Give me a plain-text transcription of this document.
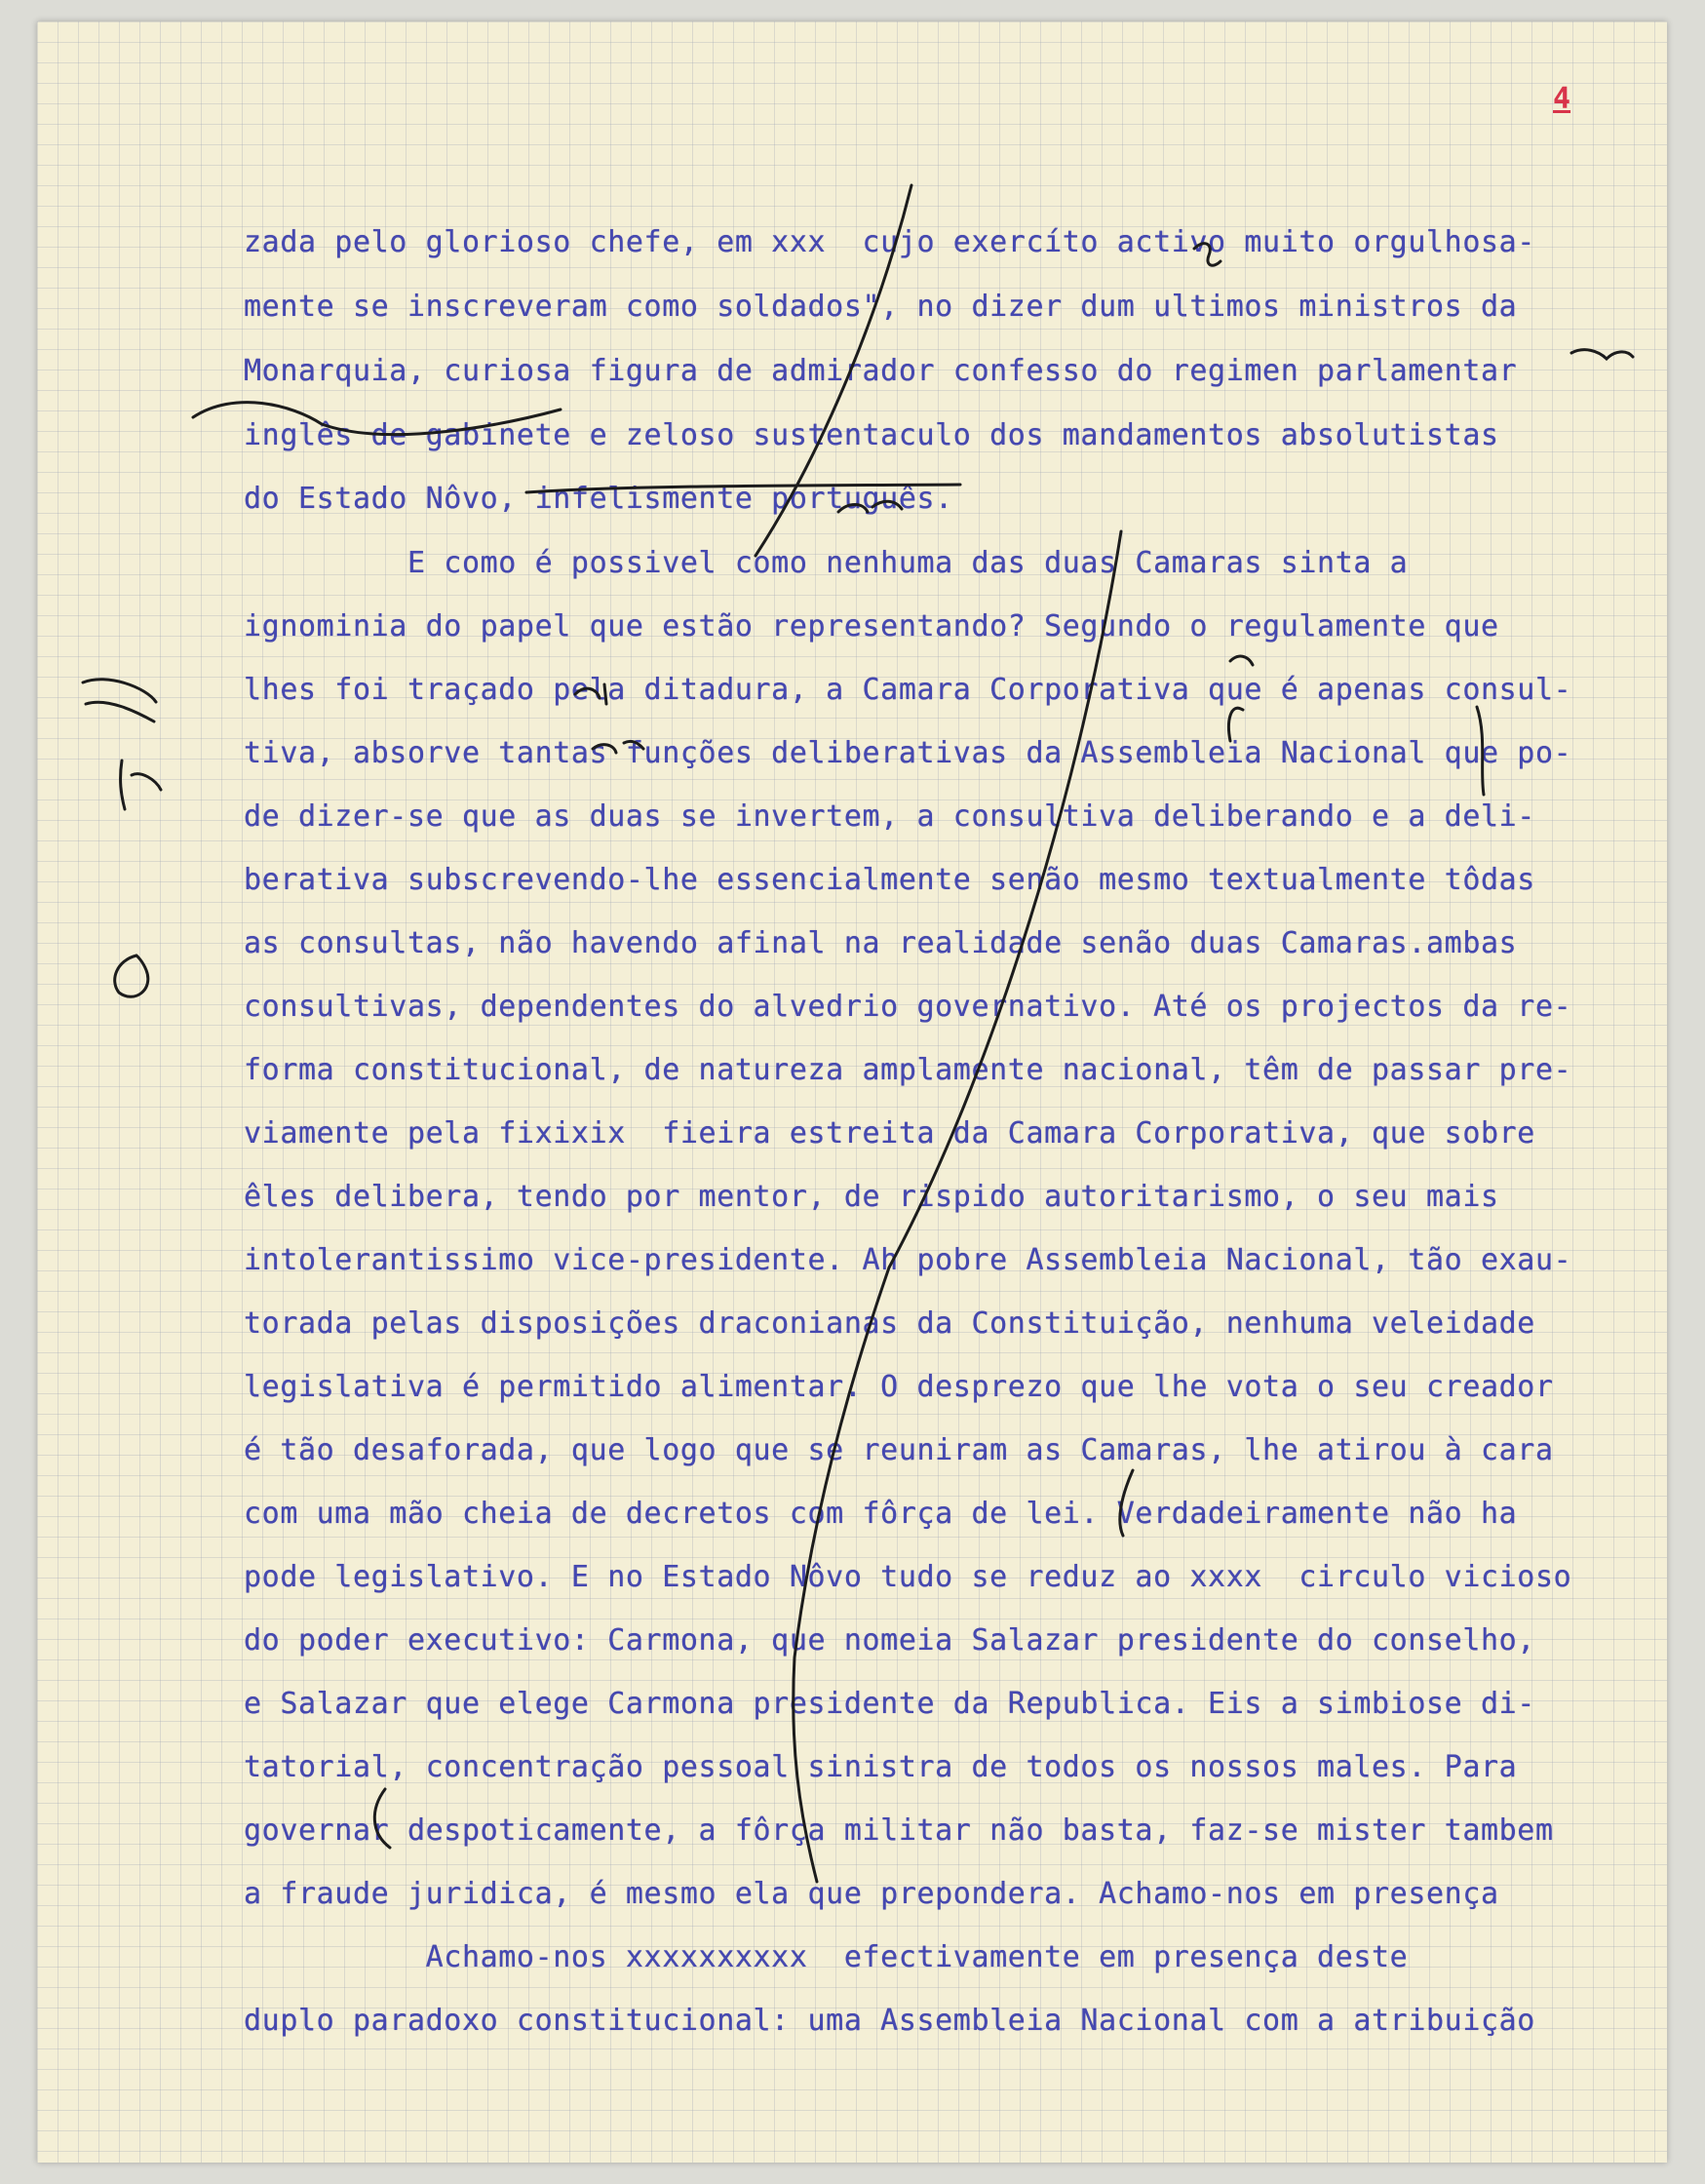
4
zada pelo glorioso chefe, em xxx  cujo exercíto activo muito orgulhosa-
mente se inscreveram como soldados", no dizer dum ultimos ministros da
Monarquia, curiosa figura de admirador confesso do regimen parlamentar
inglês de gabinete e zeloso sustentaculo dos mandamentos absolutistas
do Estado Nôvo, infelismente português.
E como é possivel como nenhuma das duas Camaras sinta a
ignominia do papel que estão representando? Segundo o regulamente que
lhes foi traçado pela ditadura, a Camara Corporativa que é apenas consul-
tiva, absorve tantas funções deliberativas da Assembleia Nacional que po-
de dizer-se que as duas se invertem, a consultiva deliberando e a deli-
berativa subscrevendo-lhe essencialmente senão mesmo textualmente tôdas
as consultas, não havendo afinal na realidade senão duas Camaras.ambas
consultivas, dependentes do alvedrio governativo. Até os projectos da re-
forma constitucional, de natureza amplamente nacional, têm de passar pre-
viamente pela fixixix  fieira estreita da Camara Corporativa, que sobre
êles delibera, tendo por mentor, de rispido autoritarismo, o seu mais
intolerantissimo vice-presidente. Ah pobre Assembleia Nacional, tão exau-
torada pelas disposições draconianas da Constituição, nenhuma veleidade
legislativa é permitido alimentar. O desprezo que lhe vota o seu creador
é tão desaforada, que logo que se reuniram as Camaras, lhe atirou à cara
com uma mão cheia de decretos com fôrça de lei. Verdadeiramente não ha
pode legislativo. E no Estado Nôvo tudo se reduz ao xxxx  circulo vicioso
do poder executivo: Carmona, que nomeia Salazar presidente do conselho,
e Salazar que elege Carmona presidente da Republica. Eis a simbiose di-
tatorial, concentração pessoal sinistra de todos os nossos males. Para
governar despoticamente, a fôrça militar não basta, faz-se mister tambem
a fraude juridica, é mesmo ela que prepondera. Achamo-nos em presença
Achamo-nos xxxxxxxxxx  efectivamente em presença deste
duplo paradoxo constitucional: uma Assembleia Nacional com a atribuição
